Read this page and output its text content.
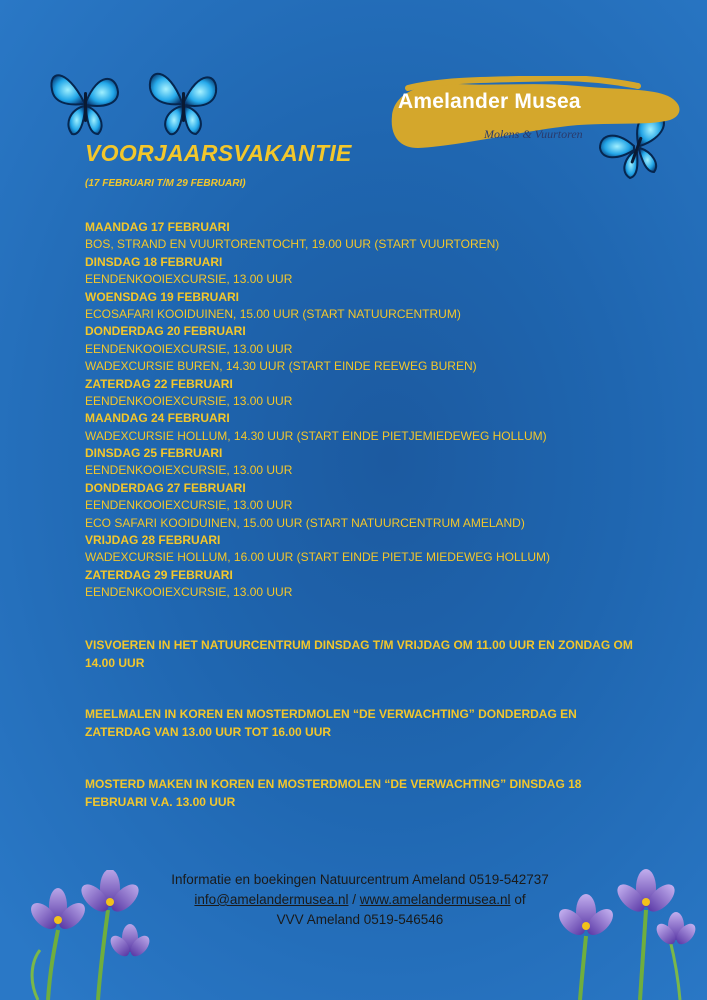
Amelander Musea
Molens & Vuurtoren
VOORJAARSVAKANTIE
(17 FEBRUARI T/M 29 FEBRUARI)
MAANDAG 17 FEBRUARI
BOS, STRAND EN VUURTORENTOCHT, 19.00 UUR (START VUURTOREN)
DINSDAG 18 FEBRUARI
EENDENKOOIEXCURSIE, 13.00 UUR
WOENSDAG 19 FEBRUARI
ECOSAFARI KOOIDUINEN, 15.00 UUR (START NATUURCENTRUM)
DONDERDAG 20 FEBRUARI
EENDENKOOIEXCURSIE, 13.00 UUR
WADEXCURSIE BUREN, 14.30 UUR (START EINDE REEWEG BUREN)
ZATERDAG 22 FEBRUARI
EENDENKOOIEXCURSIE, 13.00 UUR
MAANDAG 24 FEBRUARI
WADEXCURSIE HOLLUM, 14.30 UUR (START EINDE PIETJEMIEDEWEG HOLLUM)
DINSDAG 25 FEBRUARI
EENDENKOOIEXCURSIE, 13.00 UUR
DONDERDAG 27 FEBRUARI
EENDENKOOIEXCURSIE, 13.00 UUR
ECO SAFARI KOOIDUINEN, 15.00 UUR (START NATUURCENTRUM AMELAND)
VRIJDAG 28 FEBRUARI
WADEXCURSIE HOLLUM, 16.00 UUR (START EINDE PIETJE MIEDEWEG HOLLUM)
ZATERDAG 29 FEBRUARI
EENDENKOOIEXCURSIE, 13.00 UUR
VISVOEREN IN HET NATUURCENTRUM DINSDAG T/M VRIJDAG OM 11.00 UUR EN ZONDAG OM 14.00 UUR
MEELMALEN IN KOREN EN MOSTERDMOLEN “DE VERWACHTING” DONDERDAG EN ZATERDAG VAN 13.00 UUR TOT 16.00 UUR
MOSTERD MAKEN IN KOREN EN MOSTERDMOLEN “DE VERWACHTING” DINSDAG 18 FEBRUARI V.A. 13.00 UUR
Informatie en boekingen Natuurcentrum Ameland 0519-542737
info@amelandermusea.nl / www.amelandermusea.nl of
VVV Ameland 0519-546546
